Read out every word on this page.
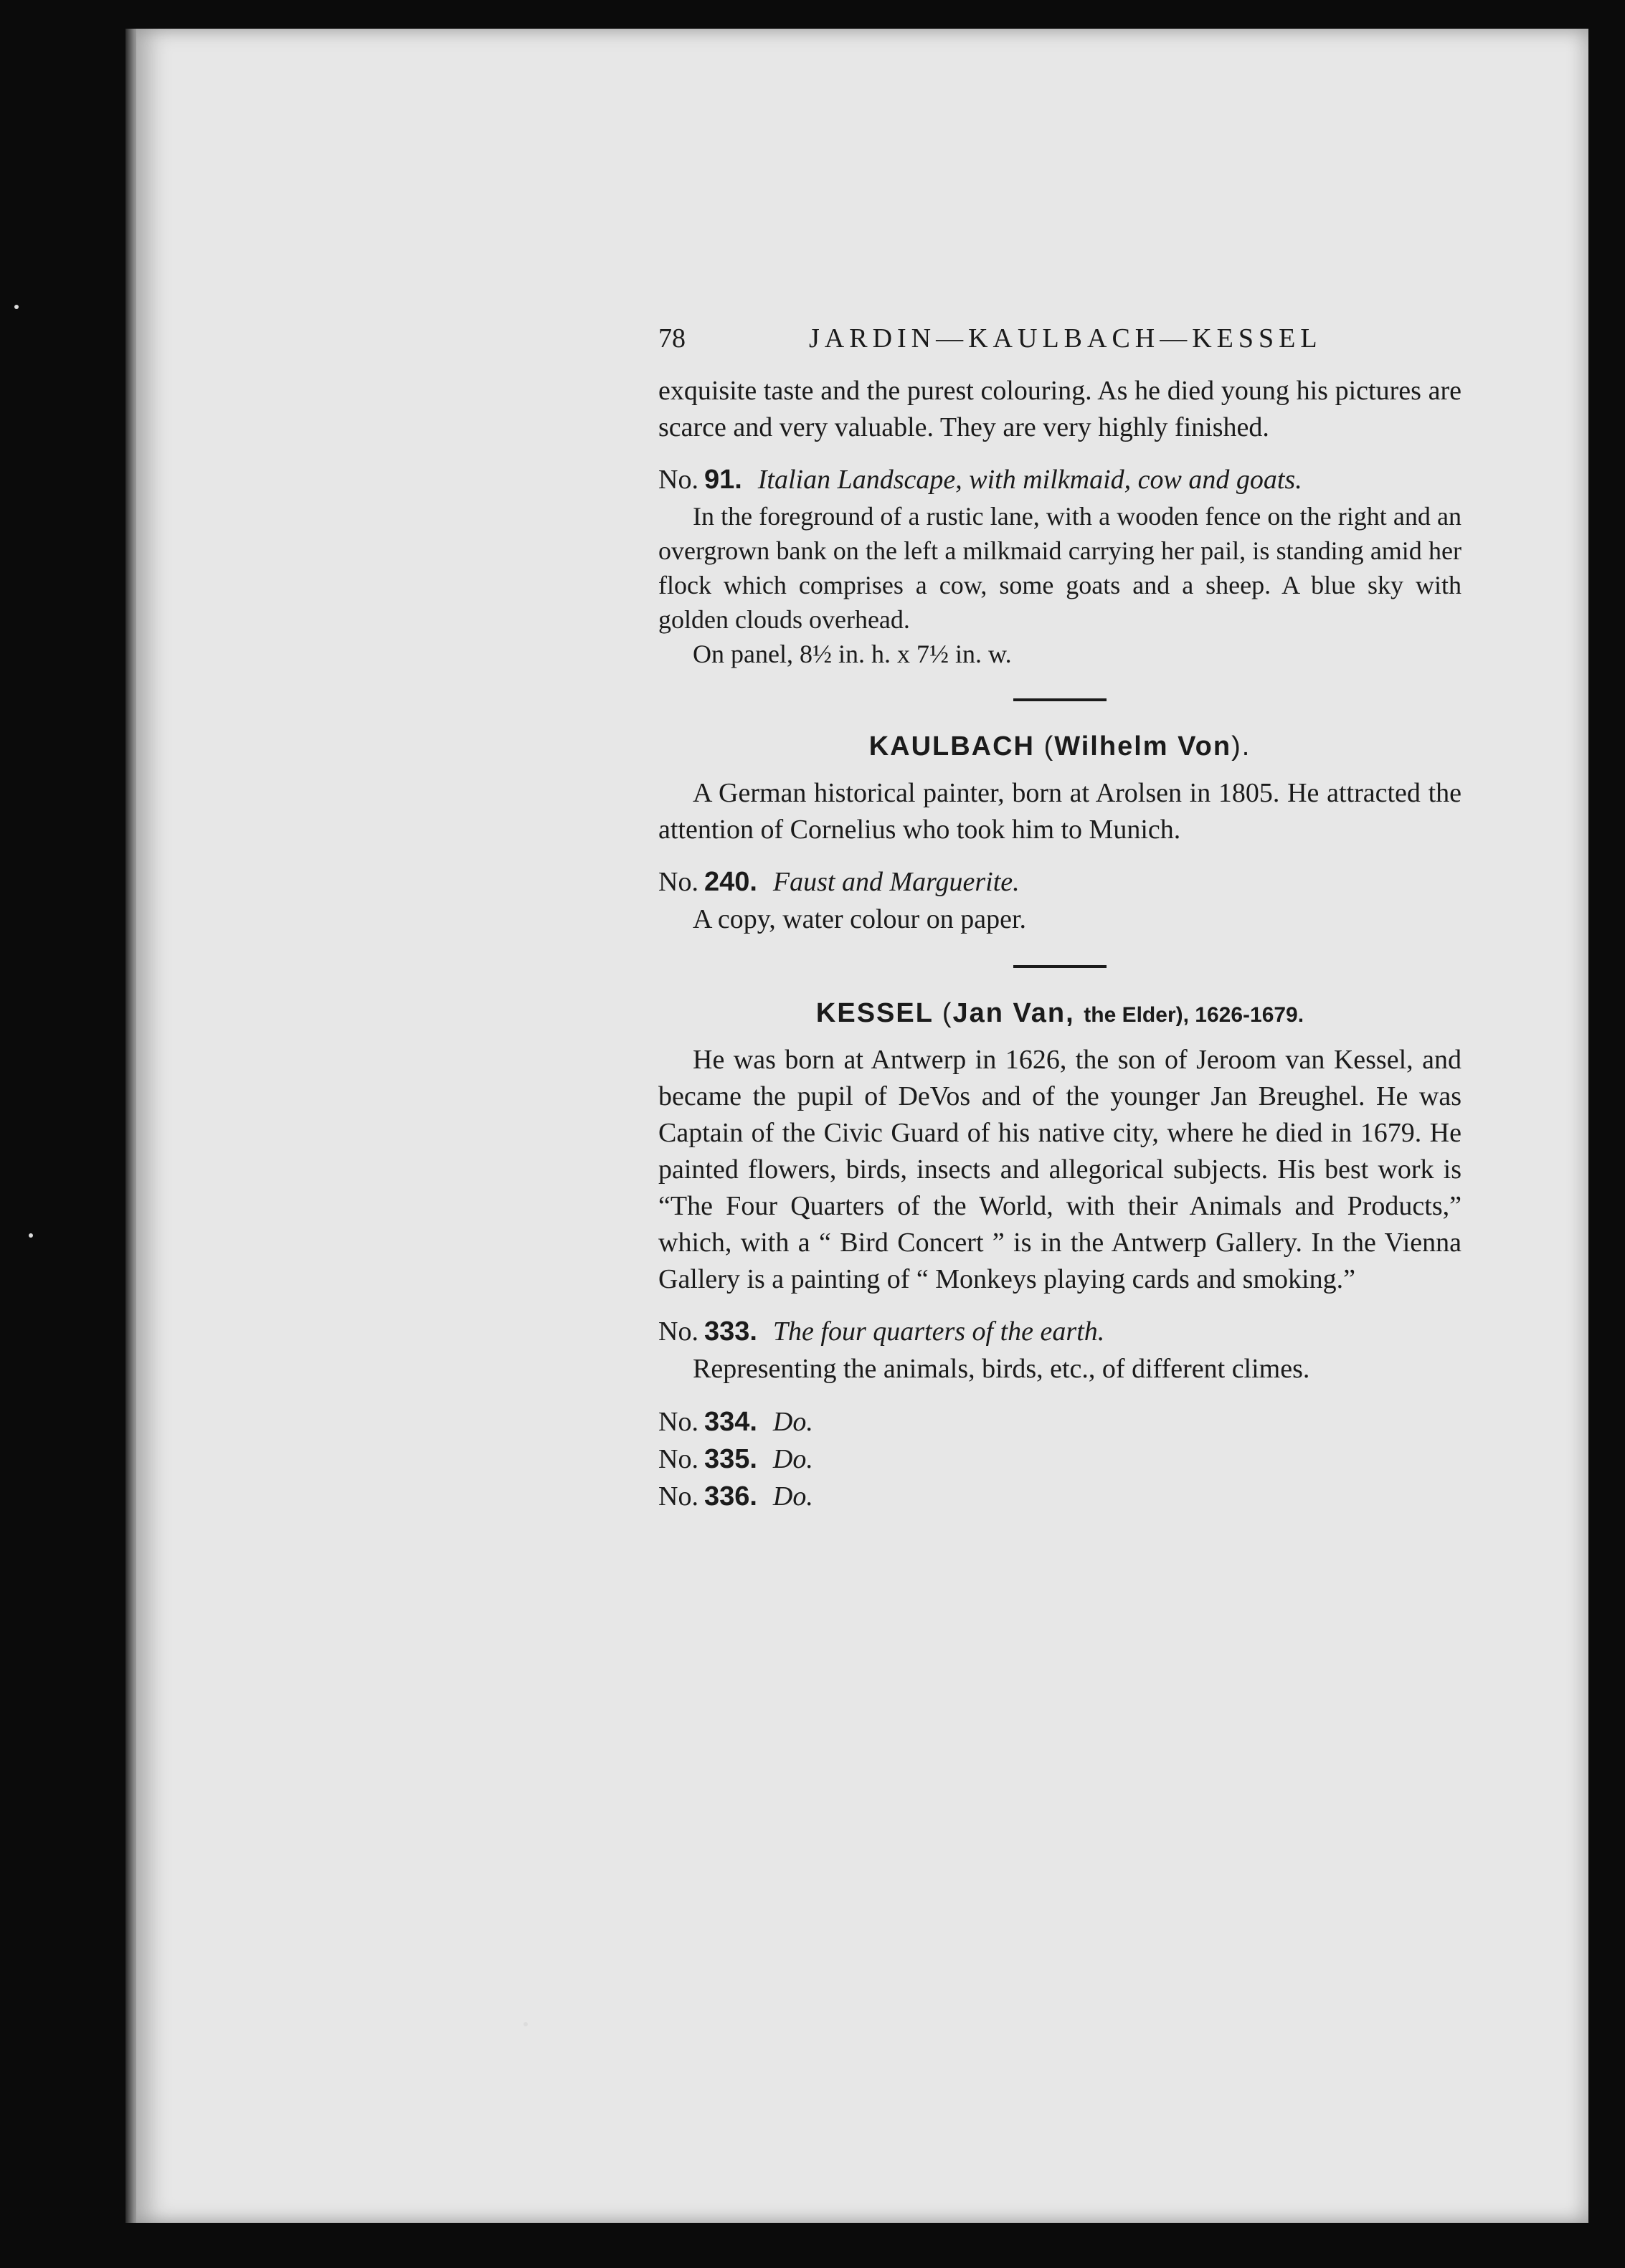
78	JARDIN—KAULBACH—KESSEL

exquisite taste and the purest colouring. As he died young his pictures are scarce and very valuable. They are very highly finished.

No. 91. Italian Landscape, with milkmaid, cow and goats.

In the foreground of a rustic lane, with a wooden fence on the right and an overgrown bank on the left a milkmaid carrying her pail, is standing amid her flock which comprises a cow, some goats and a sheep. A blue sky with golden clouds overhead.

On panel, 8½ in. h. x 7½ in. w.

KAULBACH (Wilhelm Von).

A German historical painter, born at Arolsen in 1805. He attracted the attention of Cornelius who took him to Munich.

No. 240. Faust and Marguerite.

A copy, water colour on paper.

KESSEL (Jan Van, the Elder), 1626-1679.

He was born at Antwerp in 1626, the son of Jeroom van Kessel, and became the pupil of DeVos and of the younger Jan Breughel. He was Captain of the Civic Guard of his native city, where he died in 1679. He painted flowers, birds, insects and allegorical subjects. His best work is “The Four Quarters of the World, with their Animals and Products,” which, with a “ Bird Concert ” is in the Antwerp Gallery. In the Vienna Gallery is a painting of “ Monkeys playing cards and smoking.”

No. 333. The four quarters of the earth.

Representing the animals, birds, etc., of different climes.

No. 334. Do.
No. 335. Do.
No. 336. Do.
